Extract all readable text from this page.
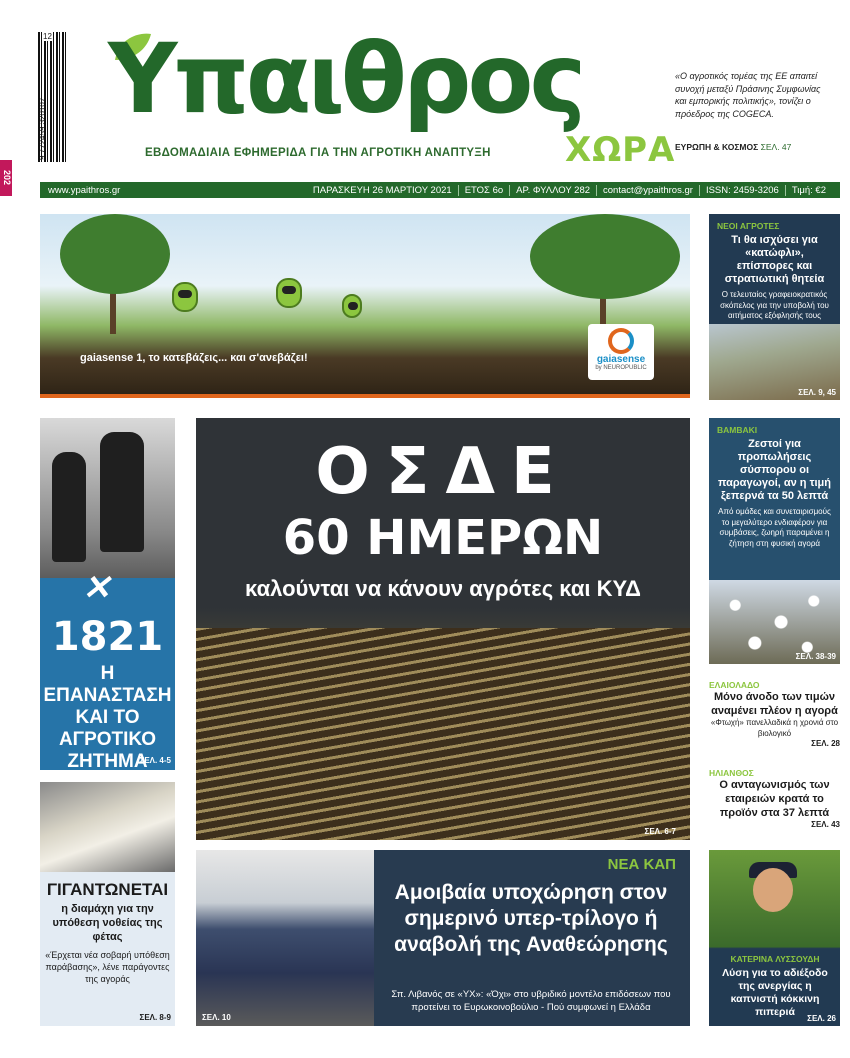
12
9 772459 320107
202
Υπαιθρος
ΧΩΡΑ
ΕΒΔΟΜΑΔΙΑΙΑ ΕΦΗΜΕΡΙΔΑ ΓΙΑ ΤΗΝ ΑΓΡΟΤΙΚΗ ΑΝΑΠΤΥΞΗ
«Ο αγροτικός τομέας της ΕΕ απαιτεί συνοχή μεταξύ Πράσινης Συμφωνίας και εμπορικής πολιτικής», τονίζει ο πρόεδρος της COGECA.
ΕΥΡΩΠΗ & ΚΟΣΜΟΣ ΣΕΛ. 47
www.ypaithros.gr	ΠΑΡΑΣΚΕΥΗ 26 ΜΑΡΤΙΟΥ 2021	ΕΤΟΣ 6ο	ΑΡ. ΦΥΛΛΟΥ 282	contact@ypaithros.gr	ISSN: 2459-3206	Τιμή: €2
gaiasense 1, το κατεβάζεις... και σ'ανεβάζει!	gaiasense
by NEUROPUBLIC
ΝΕΟΙ ΑΓΡΟΤΕΣ
Τι θα ισχύσει για «κατώφλι», επίσπορες και στρατιωτική θητεία

Ο τελευταίος γραφειοκρατικός σκόπελος για την υποβολή του αιτήματος εξόφλησής τους

ΣΕΛ. 9, 45
ΒΑΜΒΑΚΙ
Ζεστοί για προπωλήσεις σύσπορου οι παραγωγοί, αν η τιμή ξεπερνά τα 50 λεπτά

Από ομάδες και συνεταιρισμούς το μεγαλύτερο ενδιαφέρον για συμβάσεις, ζωηρή παραμένει η ζήτηση στη φυσική αγορά

ΣΕΛ. 38-39
ΕΛΑΙΟΛΑΔΟ
Μόνο άνοδο των τιμών αναμένει πλέον η αγορά

«Φτωχή» πανελλαδικά η χρονιά στο βιολογικό

ΣΕΛ. 28
ΗΛΙΑΝΘΟΣ
Ο ανταγωνισμός των εταιρειών κρατά το προϊόν στα 37 λεπτά
ΣΕΛ. 43
ΚΑΤΕΡΙΝΑ ΛΥΣΣΟΥΔΗ
Λύση για το αδιέξοδο της ανεργίας η καπνιστή κόκκινη πιπεριά
ΣΕΛ. 26
✕
1821
Η ΕΠΑΝΑΣΤΑΣΗ
ΚΑΙ ΤΟ
ΑΓΡΟΤΙΚΟ
ΖΗΤΗΜΑ
ΣΕΛ. 4-5
ΓΙΓΑΝΤΩΝΕΤΑΙ
η διαμάχη για την υπόθεση νοθείας της φέτας

«Έρχεται νέα σοβαρή υπόθεση παράβασης», λένε παράγοντες της αγοράς

ΣΕΛ. 8-9
ΟΣΔΕ
60 ΗΜΕΡΩΝ
καλούνται να κάνουν αγρότες και ΚΥΔ
ΣΕΛ. 6-7
ΣΕΛ. 10
ΝΕΑ ΚΑΠ
Αμοιβαία υποχώρηση στον σημερινό υπερ-τρίλογο ή αναβολή της Αναθεώρησης

Σπ. Λιβανός σε «ΥΧ»: «Όχι» στο υβριδικό μοντέλο επιδόσεων που προτείνει το Ευρωκοινοβούλιο - Πού συμφωνεί η Ελλάδα
